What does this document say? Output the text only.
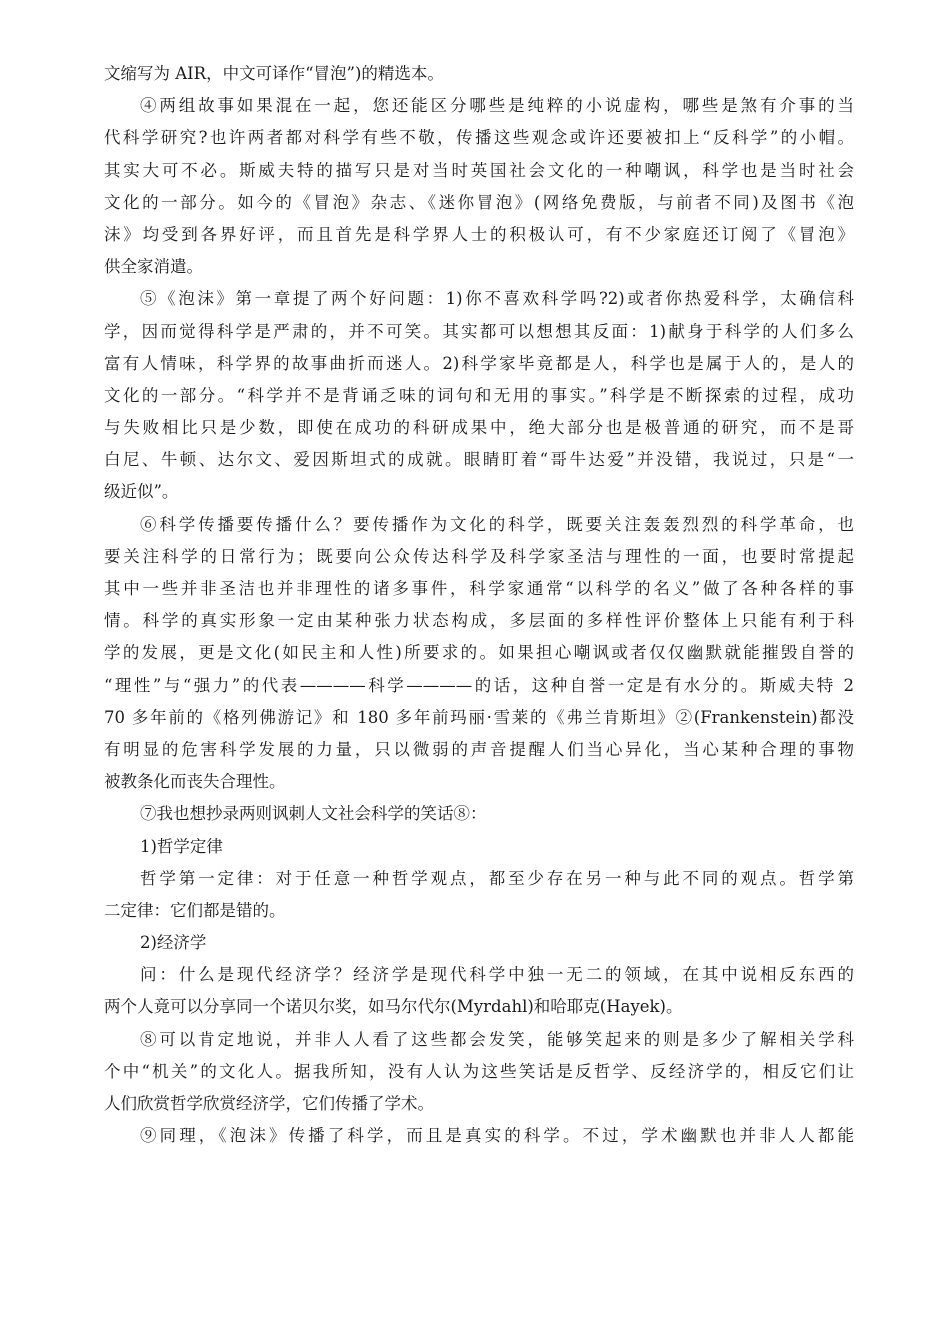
文缩写为 AIR，中文可译作“冒泡”)的精选本。
④两组故事如果混在一起，您还能区分哪些是纯粹的小说虚构，哪些是煞有介事的当
代科学研究?也许两者都对科学有些不敬，传播这些观念或许还要被扣上“反科学”的小帽。
其实大可不必。斯威夫特的描写只是对当时英国社会文化的一种嘲讽，科学也是当时社会
文化的一部分。如今的《冒泡》杂志、《迷你冒泡》(网络免费版，与前者不同)及图书《泡
沫》均受到各界好评，而且首先是科学界人士的积极认可，有不少家庭还订阅了《冒泡》
供全家消遣。
⑤《泡沫》第一章提了两个好问题：1)你不喜欢科学吗?2)或者你热爱科学，太确信科
学，因而觉得科学是严肃的，并不可笑。其实都可以想想其反面：1)献身于科学的人们多么
富有人情味，科学界的故事曲折而迷人。2)科学家毕竟都是人，科学也是属于人的，是人的
文化的一部分。“科学并不是背诵乏味的词句和无用的事实。”科学是不断探索的过程，成功
与失败相比只是少数，即使在成功的科研成果中，绝大部分也是极普通的研究，而不是哥
白尼、牛顿、达尔文、爱因斯坦式的成就。眼睛盯着“哥牛达爱”并没错，我说过，只是“一
级近似”。
⑥科学传播要传播什么？要传播作为文化的科学，既要关注轰轰烈烈的科学革命，也
要关注科学的日常行为；既要向公众传达科学及科学家圣洁与理性的一面，也要时常提起
其中一些并非圣洁也并非理性的诸多事件，科学家通常“以科学的名义”做了各种各样的事
情。科学的真实形象一定由某种张力状态构成，多层面的多样性评价整体上只能有利于科
学的发展，更是文化(如民主和人性)所要求的。如果担心嘲讽或者仅仅幽默就能摧毁自誉的
“理性”与“强力”的代表————科学————的话，这种自誉一定是有水分的。斯威夫特 2
70 多年前的《格列佛游记》和 180 多年前玛丽·雪莱的《弗兰肯斯坦》②(Frankenstein)都没
有明显的危害科学发展的力量，只以微弱的声音提醒人们当心异化，当心某种合理的事物
被教条化而丧失合理性。
⑦我也想抄录两则讽刺人文社会科学的笑话⑧：
1)哲学定律
哲学第一定律：对于任意一种哲学观点，都至少存在另一种与此不同的观点。哲学第
二定律：它们都是错的。
2)经济学
问：什么是现代经济学？经济学是现代科学中独一无二的领域，在其中说相反东西的
两个人竟可以分享同一个诺贝尔奖，如马尔代尔(Myrdahl)和哈耶克(Hayek)。
⑧可以肯定地说，并非人人看了这些都会发笑，能够笑起来的则是多少了解相关学科
个中“机关”的文化人。据我所知，没有人认为这些笑话是反哲学、反经济学的，相反它们让
人们欣赏哲学欣赏经济学，它们传播了学术。
⑨同理，《泡沫》传播了科学，而且是真实的科学。不过，学术幽默也并非人人都能
